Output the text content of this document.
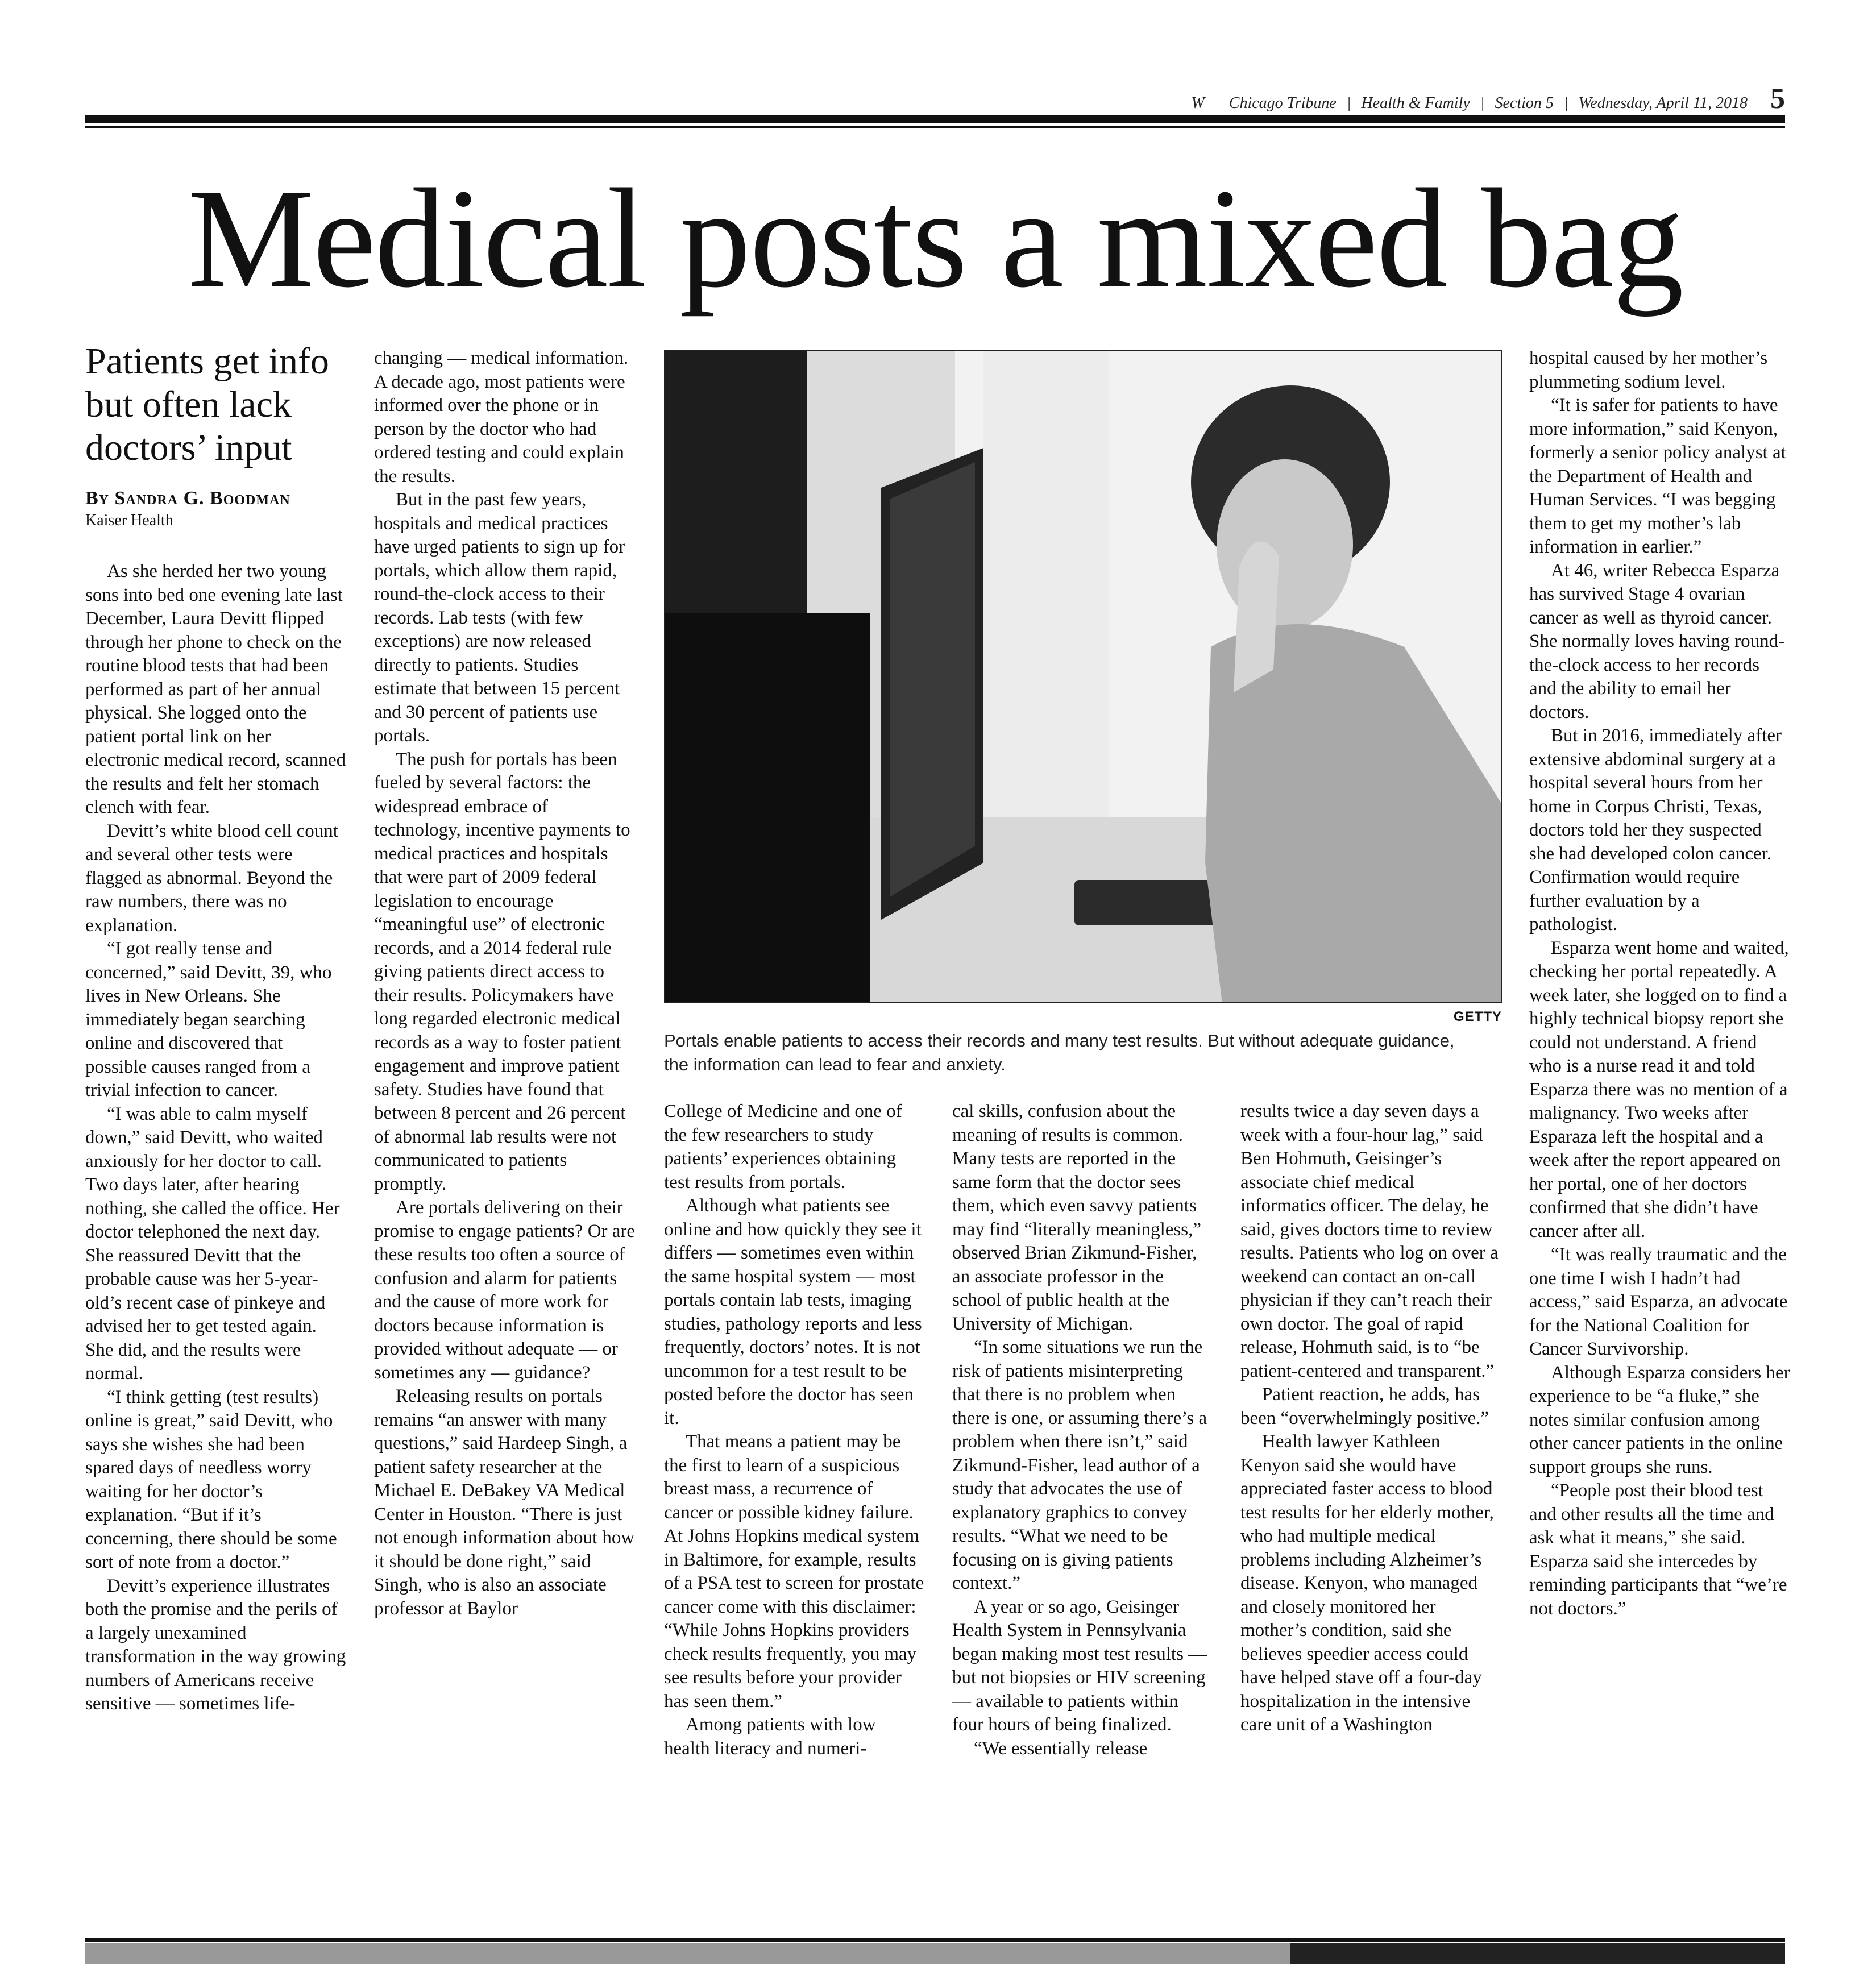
W
Chicago Tribune | Health & Family | Section 5 | Wednesday, April 11, 2018 5
Medical posts a mixed bag
Patients get info but often lack doctors’ input
By Sandra G. Boodman
Kaiser Health

As she herded her two young sons into bed one evening late last December, Laura Devitt flipped through her phone to check on the routine blood tests that had been performed as part of her annual physical. She logged onto the patient portal link on her electronic medical record, scanned the results and felt her stomach clench with fear.

Devitt’s white blood cell count and several other tests were flagged as abnormal. Beyond the raw numbers, there was no explanation.

“I got really tense and concerned,” said Devitt, 39, who lives in New Orleans. She immediately began searching online and discovered that possible causes ranged from a trivial infection to cancer.

“I was able to calm myself down,” said Devitt, who waited anxiously for her doctor to call. Two days later, after hearing nothing, she called the office. Her doctor telephoned the next day. She reassured Devitt that the probable cause was her 5-year-old’s recent case of pinkeye and advised her to get tested again. She did, and the results were normal.

“I think getting (test results) online is great,” said Devitt, who says she wishes she had been spared days of needless worry waiting for her doctor’s explanation. “But if it’s concerning, there should be some sort of note from a doctor.”

Devitt’s experience illustrates both the promise and the perils of a largely unexamined transformation in the way growing numbers of Americans receive sensitive — sometimes life-

changing — medical information. A decade ago, most patients were informed over the phone or in person by the doctor who had ordered testing and could explain the results.

But in the past few years, hospitals and medical practices have urged patients to sign up for portals, which allow them rapid, round-the-clock access to their records. Lab tests (with few exceptions) are now released directly to patients. Studies estimate that between 15 percent and 30 percent of patients use portals.

The push for portals has been fueled by several factors: the widespread embrace of technology, incentive payments to medical practices and hospitals that were part of 2009 federal legislation to encourage “meaningful use” of electronic records, and a 2014 federal rule giving patients direct access to their results. Policymakers have long regarded electronic medical records as a way to foster patient engagement and improve patient safety. Studies have found that between 8 percent and 26 percent of abnormal lab results were not communicated to patients promptly.

Are portals delivering on their promise to engage patients? Or are these results too often a source of confusion and alarm for patients and the cause of more work for doctors because information is provided without adequate — or sometimes any — guidance?

Releasing results on portals remains “an answer with many questions,” said Hardeep Singh, a patient safety researcher at the Michael E. DeBakey VA Medical Center in Houston. “There is just not enough information about how it should be done right,” said Singh, who is also an associate professor at Baylor

GETTY
Portals enable patients to access their records and many test results. But without adequate guidance, the information can lead to fear and anxiety.

College of Medicine and one of the few researchers to study patients’ experiences obtaining test results from portals.

Although what patients see online and how quickly they see it differs — sometimes even within the same hospital system — most portals contain lab tests, imaging studies, pathology reports and less frequently, doctors’ notes. It is not uncommon for a test result to be posted before the doctor has seen it.

That means a patient may be the first to learn of a suspicious breast mass, a recurrence of cancer or possible kidney failure. At Johns Hopkins medical system in Baltimore, for example, results of a PSA test to screen for prostate cancer come with this disclaimer: “While Johns Hopkins providers check results frequently, you may see results before your provider has seen them.”

Among patients with low health literacy and numeri-

cal skills, confusion about the meaning of results is common. Many tests are reported in the same form that the doctor sees them, which even savvy patients may find “literally meaningless,” observed Brian Zikmund-Fisher, an associate professor in the school of public health at the University of Michigan.

“In some situations we run the risk of patients misinterpreting that there is no problem when there is one, or assuming there’s a problem when there isn’t,” said Zikmund-Fisher, lead author of a study that advocates the use of explanatory graphics to convey results. “What we need to be focusing on is giving patients context.”

A year or so ago, Geisinger Health System in Pennsylvania began making most test results — but not biopsies or HIV screening — available to patients within four hours of being finalized.

“We essentially release

results twice a day seven days a week with a four-hour lag,” said Ben Hohmuth, Geisinger’s associate chief medical informatics officer. The delay, he said, gives doctors time to review results. Patients who log on over a weekend can contact an on-call physician if they can’t reach their own doctor. The goal of rapid release, Hohmuth said, is to “be patient-centered and transparent.”

Patient reaction, he adds, has been “overwhelmingly positive.”

Health lawyer Kathleen Kenyon said she would have appreciated faster access to blood test results for her elderly mother, who had multiple medical problems including Alzheimer’s disease. Kenyon, who managed and closely monitored her mother’s condition, said she believes speedier access could have helped stave off a four-day hospitalization in the intensive care unit of a Washington

hospital caused by her mother’s plummeting sodium level.

“It is safer for patients to have more information,” said Kenyon, formerly a senior policy analyst at the Department of Health and Human Services. “I was begging them to get my mother’s lab information in earlier.”

At 46, writer Rebecca Esparza has survived Stage 4 ovarian cancer as well as thyroid cancer. She normally loves having round-the-clock access to her records and the ability to email her doctors.

But in 2016, immediately after extensive abdominal surgery at a hospital several hours from her home in Corpus Christi, Texas, doctors told her they suspected she had developed colon cancer. Confirmation would require further evaluation by a pathologist.

Esparza went home and waited, checking her portal repeatedly. A week later, she logged on to find a highly technical biopsy report she could not understand. A friend who is a nurse read it and told Esparza there was no mention of a malignancy. Two weeks after Esparaza left the hospital and a week after the report appeared on her portal, one of her doctors confirmed that she didn’t have cancer after all.

“It was really traumatic and the one time I wish I hadn’t had access,” said Esparza, an advocate for the National Coalition for Cancer Survivorship.

Although Esparza considers her experience to be “a fluke,” she notes similar confusion among other cancer patients in the online support groups she runs.

“People post their blood test and other results all the time and ask what it means,” she said. Esparza said she intercedes by reminding participants that “we’re not doctors.”
